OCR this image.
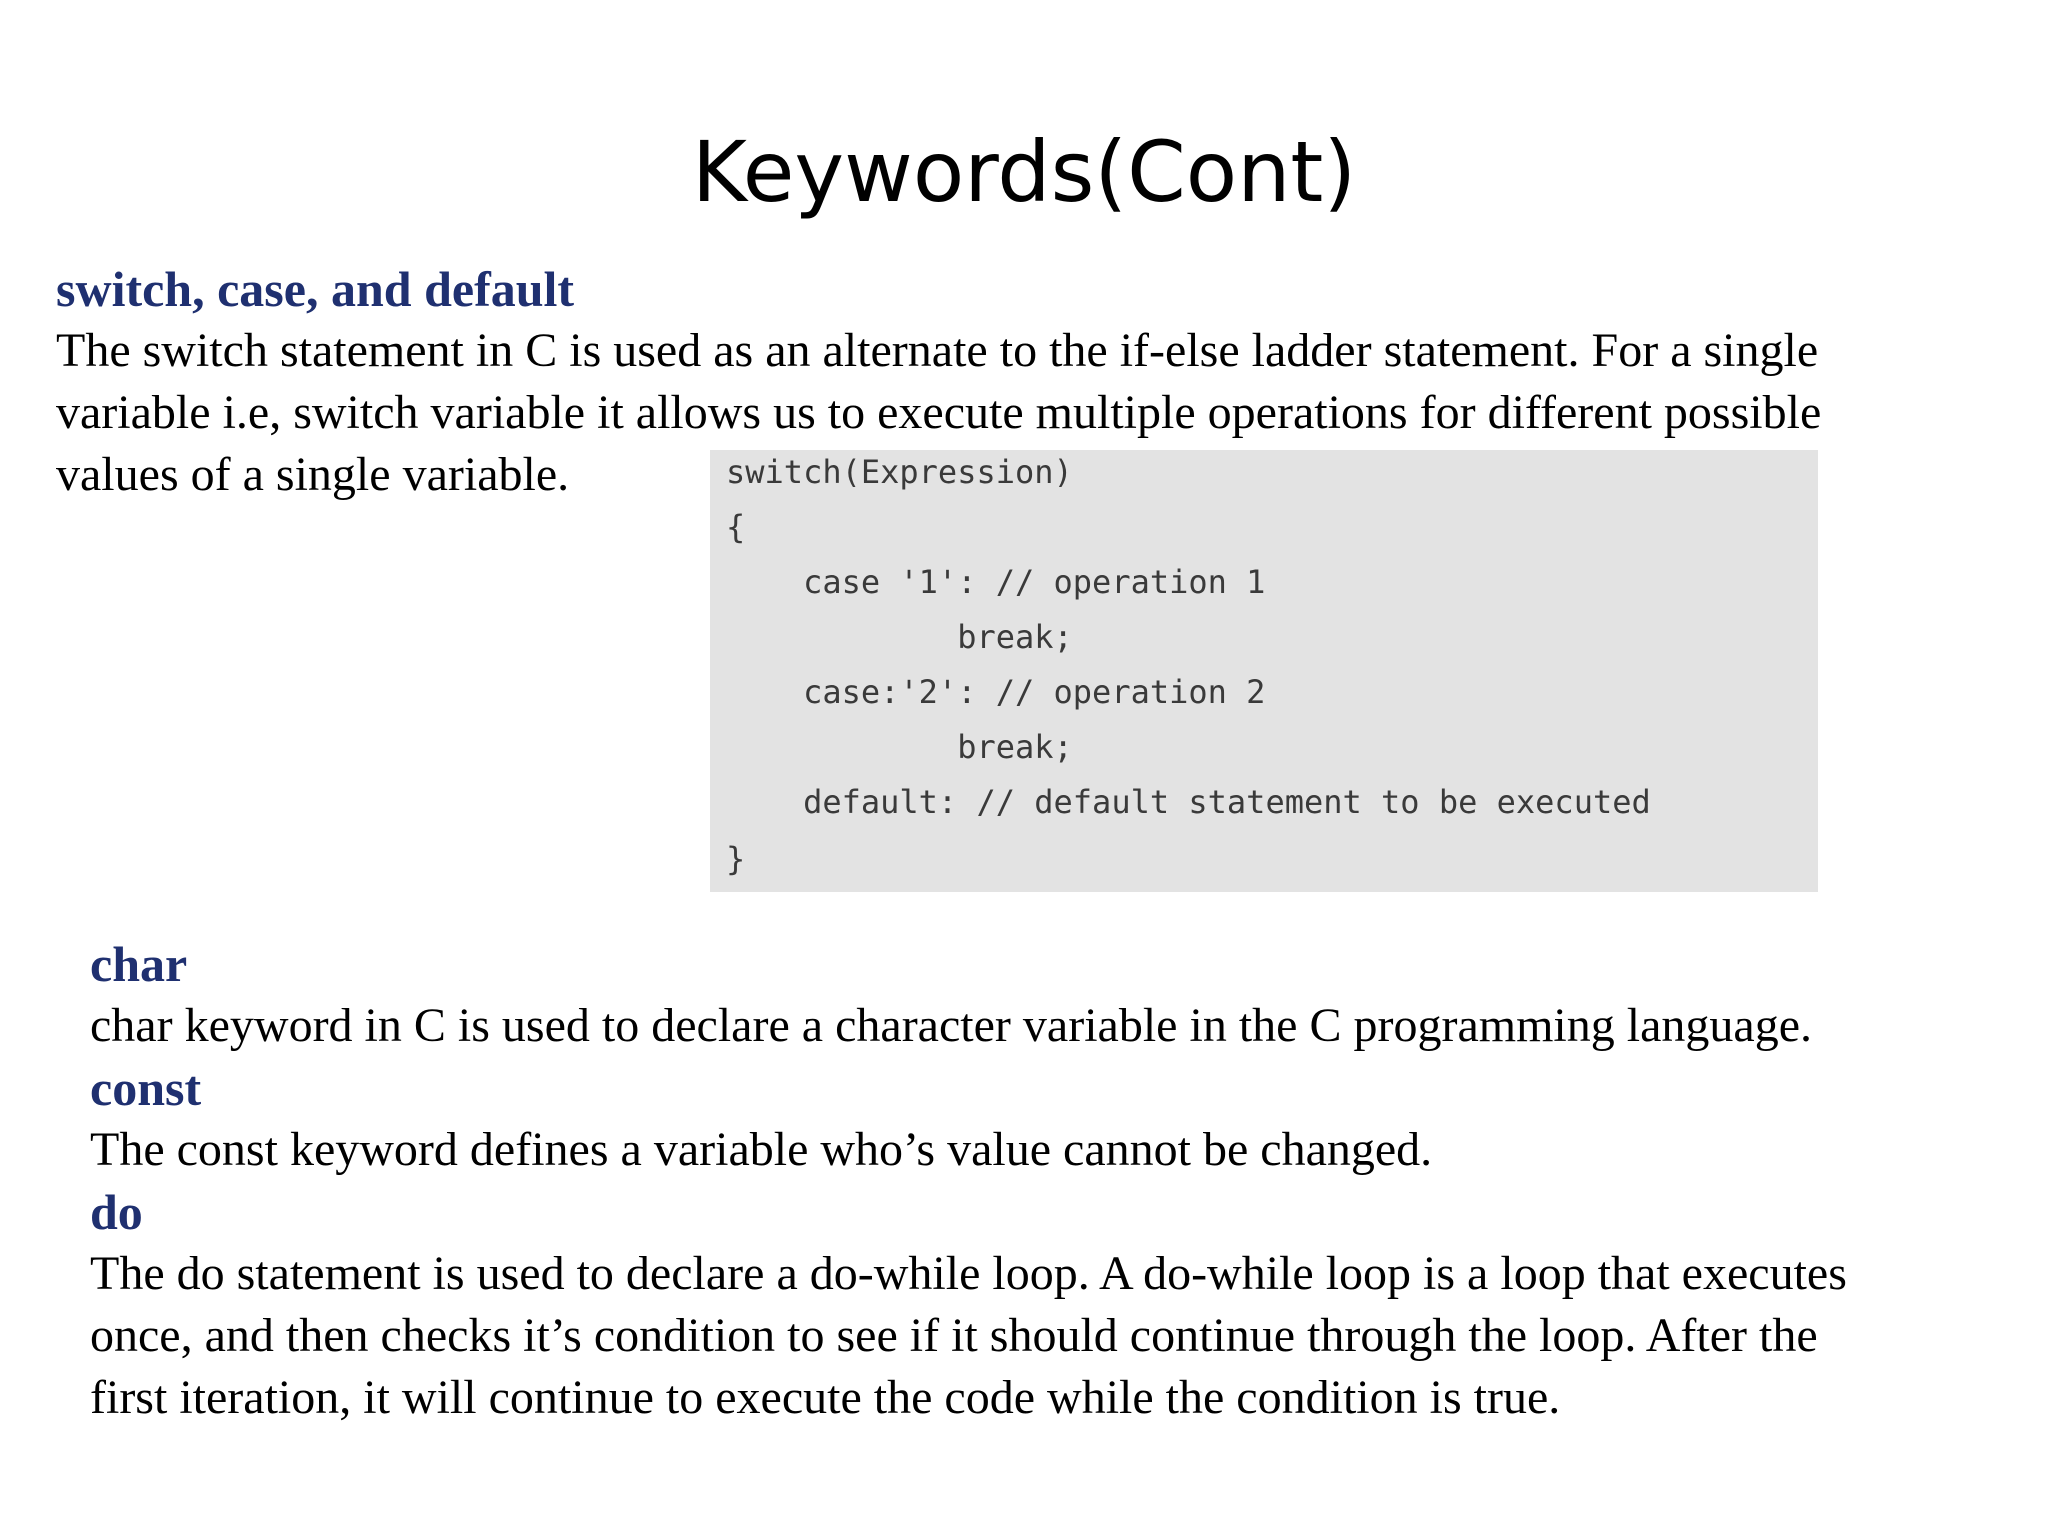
Keywords(Cont)
switch, case, and default
The switch statement in C is used as an alternate to the if-else ladder statement. For a single
variable i.e, switch variable it allows us to execute multiple operations for different possible
values of a single variable.	switch(Expression)
{
case '1': // operation 1
break;
case:'2': // operation 2
break;
default: // default statement to be executed
}
char
char keyword in C is used to declare a character variable in the C programming language.
const
The const keyword defines a variable who’s value cannot be changed.
do
The do statement is used to declare a do-while loop. A do-while loop is a loop that executes
once, and then checks it’s condition to see if it should continue through the loop. After the
first iteration, it will continue to execute the code while the condition is true.
